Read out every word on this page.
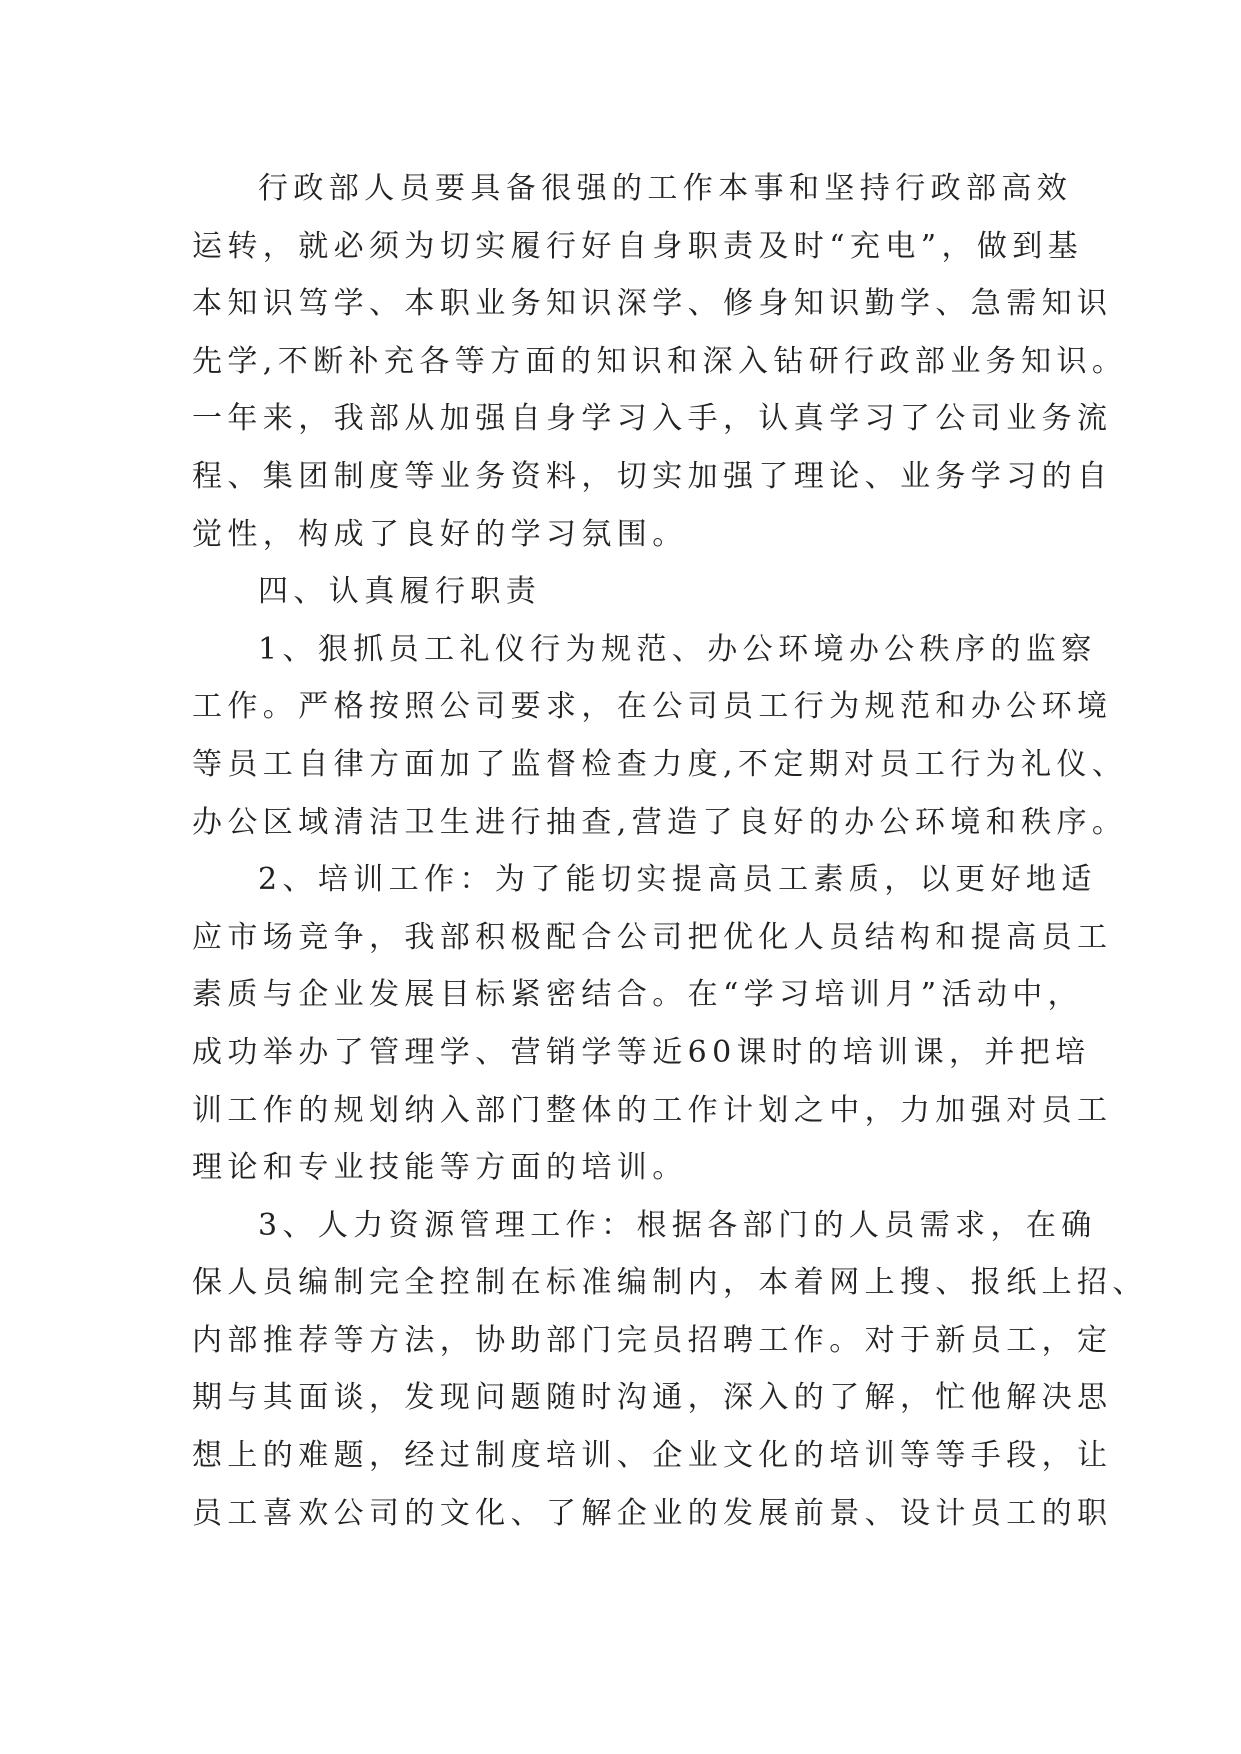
行政部人员要具备很强的工作本事和坚持行政部高效
运转，就必须为切实履行好自身职责及时“充电”，做到基
本知识笃学、本职业务知识深学、修身知识勤学、急需知识
先学,不断补充各等方面的知识和深入钻研行政部业务知识。
一年来，我部从加强自身学习入手，认真学习了公司业务流
程、集团制度等业务资料，切实加强了理论、业务学习的自
觉性，构成了良好的学习氛围。
四、认真履行职责
1、狠抓员工礼仪行为规范、办公环境办公秩序的监察
工作。严格按照公司要求，在公司员工行为规范和办公环境
等员工自律方面加了监督检查力度,不定期对员工行为礼仪、
办公区域清洁卫生进行抽查,营造了良好的办公环境和秩序。
2、培训工作：为了能切实提高员工素质，以更好地适
应市场竞争，我部积极配合公司把优化人员结构和提高员工
素质与企业发展目标紧密结合。在“学习培训月”活动中，
成功举办了管理学、营销学等近60课时的培训课，并把培
训工作的规划纳入部门整体的工作计划之中，力加强对员工
理论和专业技能等方面的培训。
3、人力资源管理工作：根据各部门的人员需求，在确
保人员编制完全控制在标准编制内，本着网上搜、报纸上招、
内部推荐等方法，协助部门完员招聘工作。对于新员工，定
期与其面谈，发现问题随时沟通，深入的了解，忙他解决思
想上的难题，经过制度培训、企业文化的培训等等手段，让
员工喜欢公司的文化、了解企业的发展前景、设计员工的职
